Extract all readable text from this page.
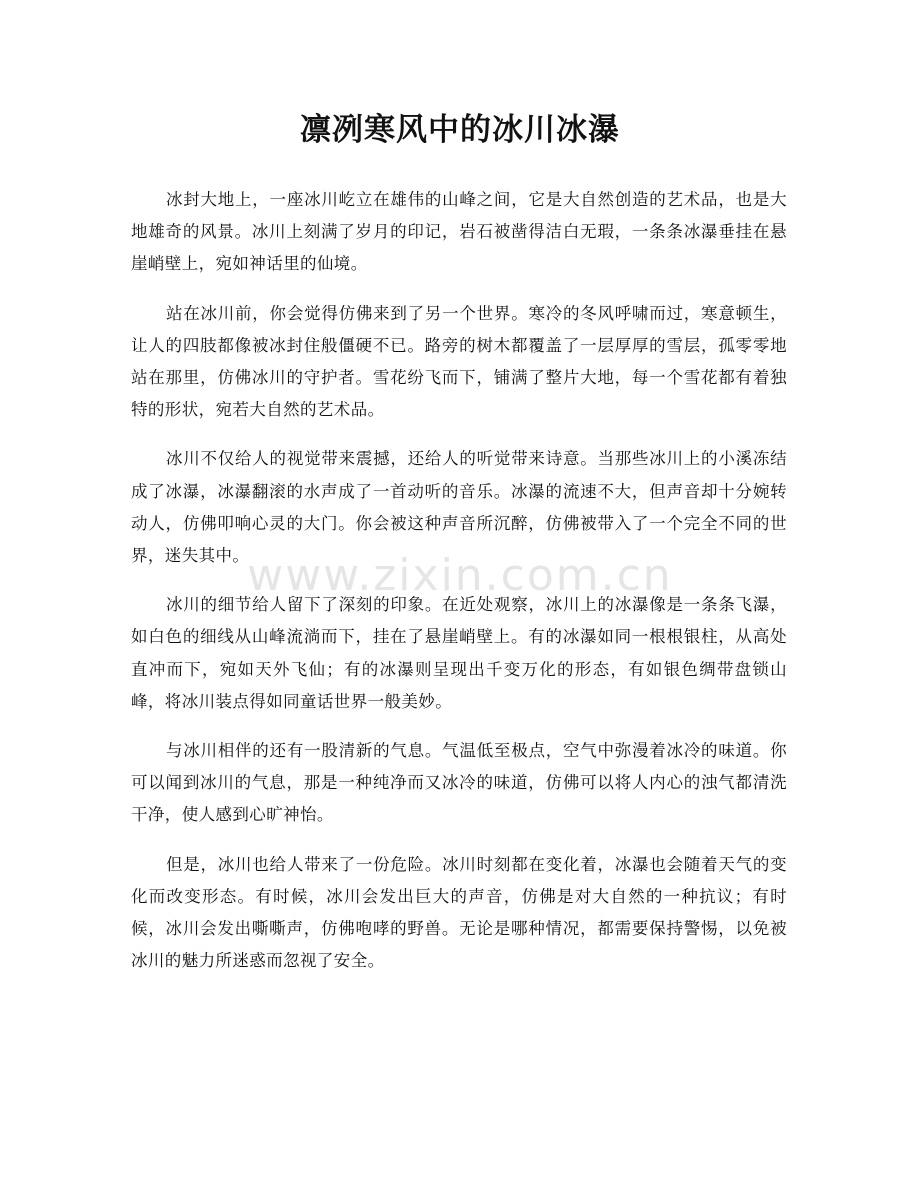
凛冽寒风中的冰川冰瀑

冰封大地上，一座冰川屹立在雄伟的山峰之间，它是大自然创造的艺术品，也是大地雄奇的风景。冰川上刻满了岁月的印记，岩石被凿得洁白无瑕，一条条冰瀑垂挂在悬崖峭壁上，宛如神话里的仙境。

站在冰川前，你会觉得仿佛来到了另一个世界。寒冷的冬风呼啸而过，寒意顿生，让人的四肢都像被冰封住般僵硬不已。路旁的树木都覆盖了一层厚厚的雪层，孤零零地站在那里，仿佛冰川的守护者。雪花纷飞而下，铺满了整片大地，每一个雪花都有着独特的形状，宛若大自然的艺术品。

冰川不仅给人的视觉带来震撼，还给人的听觉带来诗意。当那些冰川上的小溪冻结成了冰瀑，冰瀑翻滚的水声成了一首动听的音乐。冰瀑的流速不大，但声音却十分婉转动人，仿佛叩响心灵的大门。你会被这种声音所沉醉，仿佛被带入了一个完全不同的世界，迷失其中。

冰川的细节给人留下了深刻的印象。在近处观察，冰川上的冰瀑像是一条条飞瀑，如白色的细线从山峰流淌而下，挂在了悬崖峭壁上。有的冰瀑如同一根根银柱，从高处直冲而下，宛如天外飞仙；有的冰瀑则呈现出千变万化的形态，有如银色绸带盘锁山峰，将冰川装点得如同童话世界一般美妙。

与冰川相伴的还有一股清新的气息。气温低至极点，空气中弥漫着冰冷的味道。你可以闻到冰川的气息，那是一种纯净而又冰冷的味道，仿佛可以将人内心的浊气都清洗干净，使人感到心旷神怡。

但是，冰川也给人带来了一份危险。冰川时刻都在变化着，冰瀑也会随着天气的变化而改变形态。有时候，冰川会发出巨大的声音，仿佛是对大自然的一种抗议；有时候，冰川会发出嘶嘶声，仿佛咆哮的野兽。无论是哪种情况，都需要保持警惕，以免被冰川的魅力所迷惑而忽视了安全。

www.zixin.com.cn
